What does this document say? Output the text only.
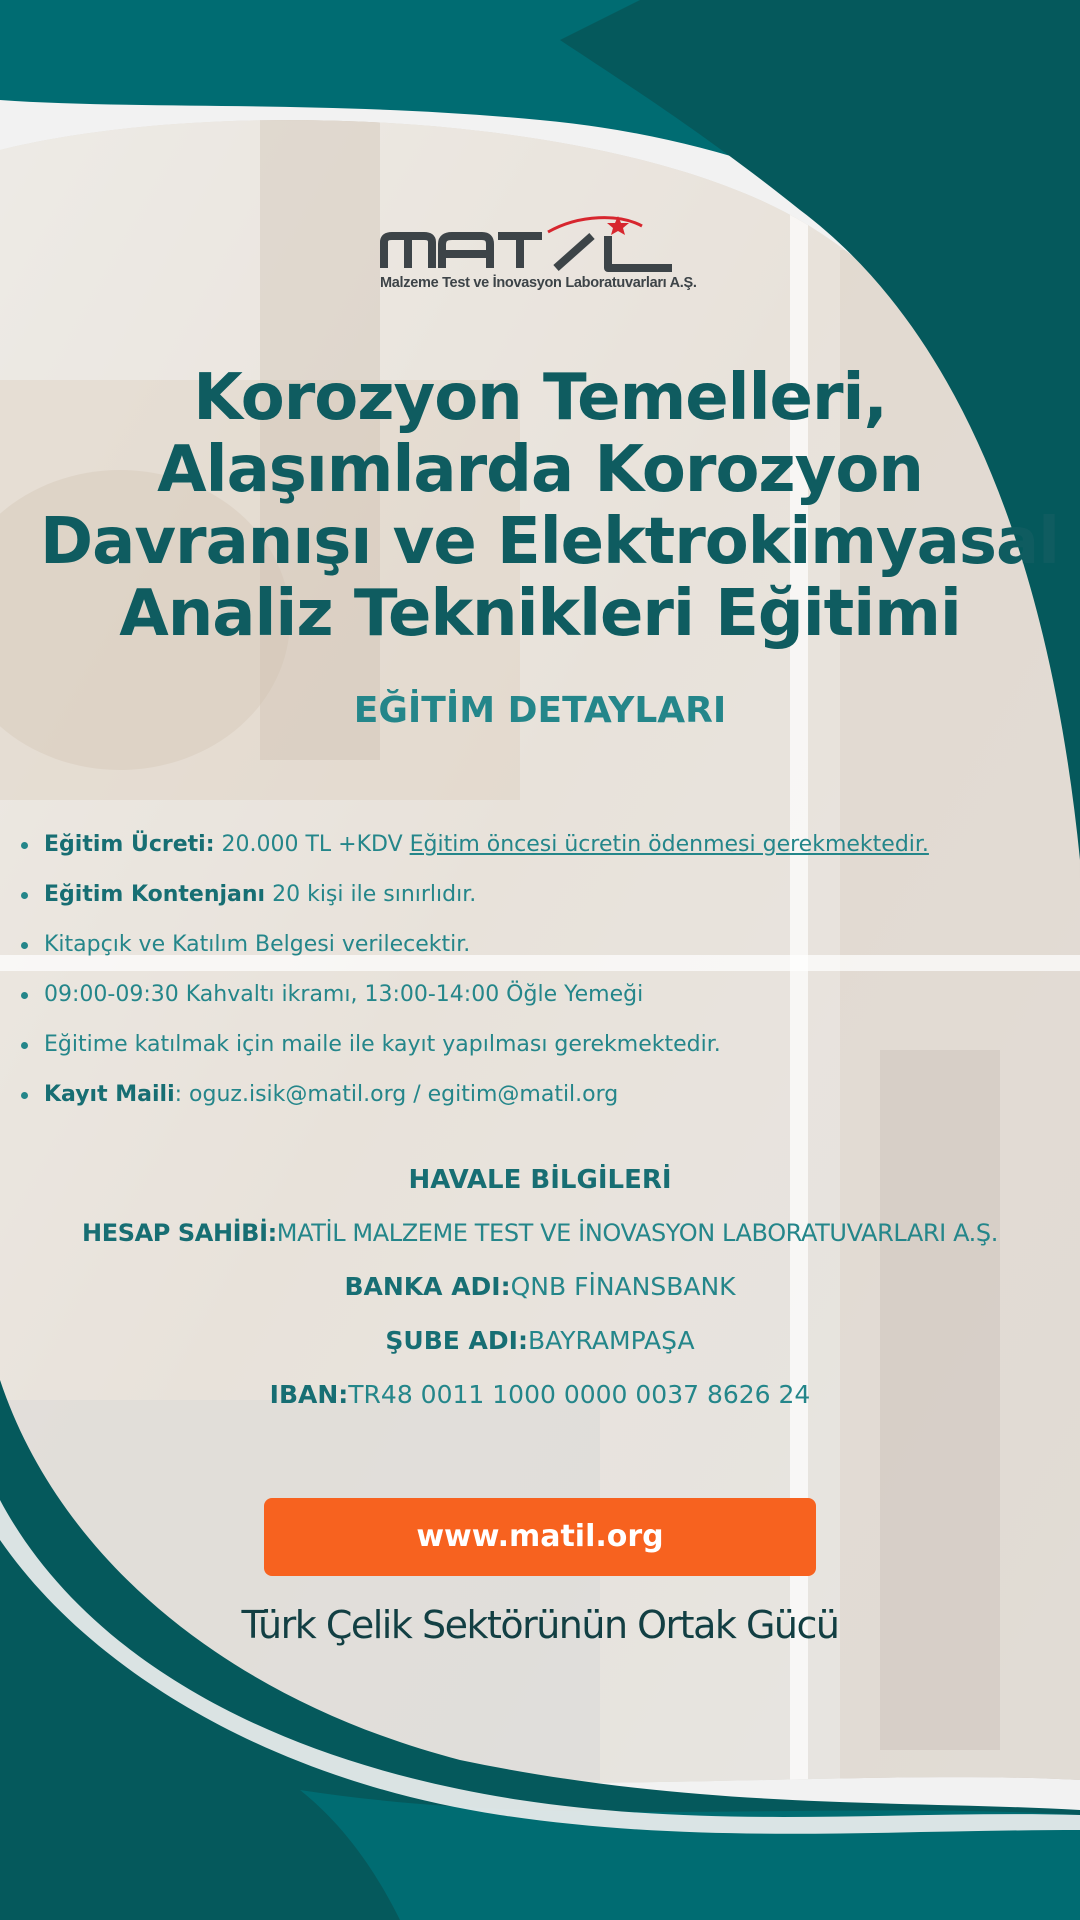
Malzeme Test ve İnovasyon Laboratuvarları A.Ş.
Korozyon Temelleri,
Alaşımlarda Korozyon
Davranışı ve Elektrokimyasal
Analiz Teknikleri Eğitimi
EĞİTİM DETAYLARI
Eğitim Ücreti: 20.000 TL +KDV Eğitim öncesi ücretin ödenmesi gerekmektedir.
Eğitim Kontenjanı 20 kişi ile sınırlıdır.
Kitapçık ve Katılım Belgesi verilecektir.
09:00-09:30 Kahvaltı ikramı, 13:00-14:00 Öğle Yemeği
Eğitime katılmak için maile ile kayıt yapılması gerekmektedir.
Kayıt Maili: oguz.isik@matil.org / egitim@matil.org
HAVALE BİLGİLERİ
HESAP SAHİBİ:MATİL MALZEME TEST VE İNOVASYON LABORATUVARLARI A.Ş.
BANKA ADI:QNB FİNANSBANK
ŞUBE ADI:BAYRAMPAŞA
IBAN:TR48 0011 1000 0000 0037 8626 24
www.matil.org
Türk Çelik Sektörünün Ortak Gücü
